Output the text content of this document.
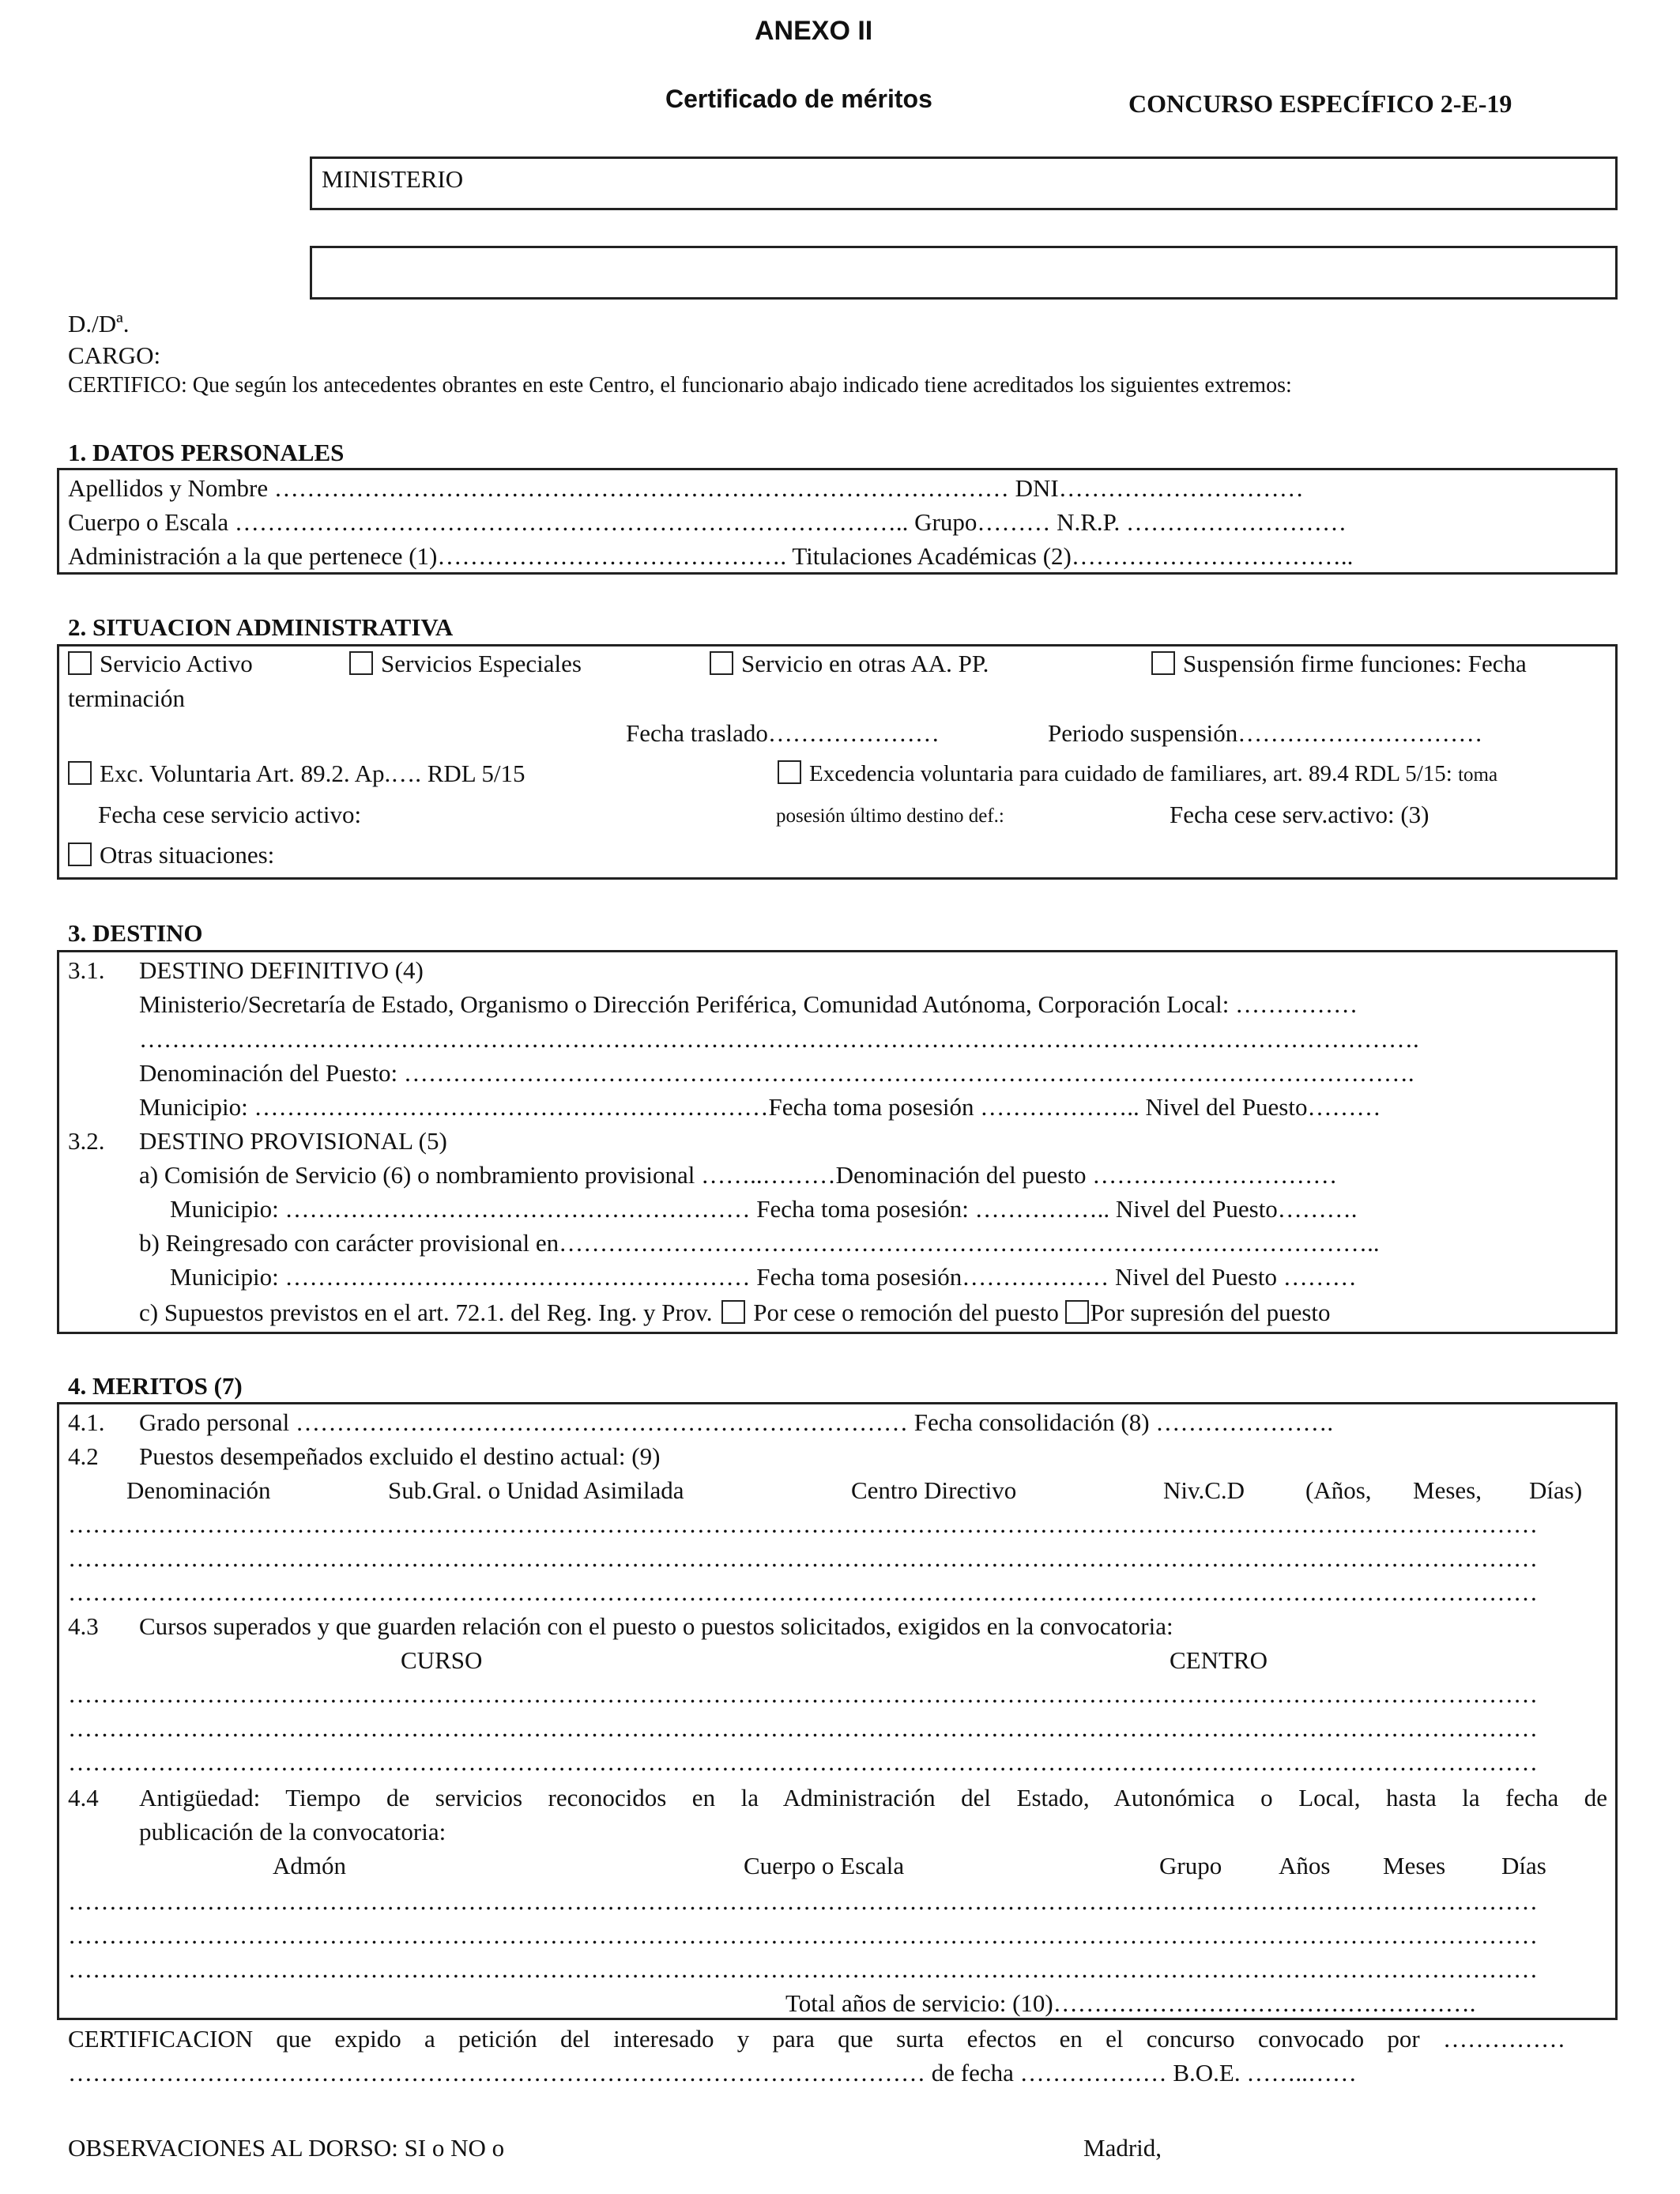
ANEXO II
Certificado de méritos	CONCURSO ESPECÍFICO 2-E-19
MINISTERIO
D./Dª.
CARGO:
CERTIFICO: Que según los antecedentes obrantes en este Centro, el funcionario abajo indicado tiene acreditados los siguientes extremos:
1. DATOS PERSONALES
Apellidos y Nombre ……………………………………………………………………………… DNI…………………………
Cuerpo o Escala ……………………………………………………………………….. Grupo……… N.R.P. ………………………
Administración a la que pertenece (1)……………………………………. Titulaciones Académicas (2)……………………………..
2. SITUACION ADMINISTRATIVA
Servicio Activo	Servicios Especiales	Servicio en otras AA. PP.	Suspensión firme funciones: Fecha
terminación
Fecha traslado…………………	Periodo suspensión…………………………
Exc. Voluntaria Art. 89.2. Ap.…. RDL 5/15	Excedencia voluntaria para cuidado de familiares, art. 89.4 RDL 5/15: toma
Fecha cese servicio activo:	posesión último destino def.:	Fecha cese serv.activo: (3)
Otras situaciones:
3. DESTINO
3.1. DESTINO DEFINITIVO (4)
Ministerio/Secretaría de Estado, Organismo o Dirección Periférica, Comunidad Autónoma, Corporación Local: ……………
………………………………………………………………………………………………………………………………………….
Denominación del Puesto: …………………………………………………………………………………………………………….
Municipio: ………………………………………………………Fecha toma posesión ……………….. Nivel del Puesto………
3.2. DESTINO PROVISIONAL (5)
a) Comisión de Servicio (6) o nombramiento provisional ……..………Denominación del puesto …………………………
Municipio: ………………………………………………… Fecha toma posesión: …………….. Nivel del Puesto……….
b) Reingresado con carácter provisional en………………………………………………………………………………………..
Municipio: ………………………………………………… Fecha toma posesión……………… Nivel del Puesto ………
c) Supuestos previstos en el art. 72.1. del Reg. Ing. y Prov. Por cese o remoción del puesto Por supresión del puesto
4. MERITOS (7)
4.1. Grado personal ………………………………………………………………… Fecha consolidación (8) ………………….
4.2 Puestos desempeñados excluido el destino actual: (9)
Denominación	Sub.Gral. o Unidad Asimilada	Centro Directivo	Niv.C.D (Años, Meses, Días)
………………………………………………………………………………………………………………………………………………………………
………………………………………………………………………………………………………………………………………………………………
………………………………………………………………………………………………………………………………………………………………
4.3 Cursos superados y que guarden relación con el puesto o puestos solicitados, exigidos en la convocatoria:
CURSO	CENTRO
………………………………………………………………………………………………………………………………………………………………
………………………………………………………………………………………………………………………………………………………………
………………………………………………………………………………………………………………………………………………………………
4.4 Antigüedad: Tiempo de servicios reconocidos en la Administración del Estado, Autonómica o Local, hasta la fecha de
publicación de la convocatoria:
Admón	Cuerpo o Escala	Grupo Años Meses Días
………………………………………………………………………………………………………………………………………………………………
………………………………………………………………………………………………………………………………………………………………
………………………………………………………………………………………………………………………………………………………………
Total años de servicio: (10)…………………………………………….
CERTIFICACION que expido a petición del interesado y para que surta efectos en el concurso convocado por ……………
…………………………………………………………………………………………… de fecha ……………… B.O.E. ……..……
OBSERVACIONES AL DORSO: SI o NO o	Madrid,
